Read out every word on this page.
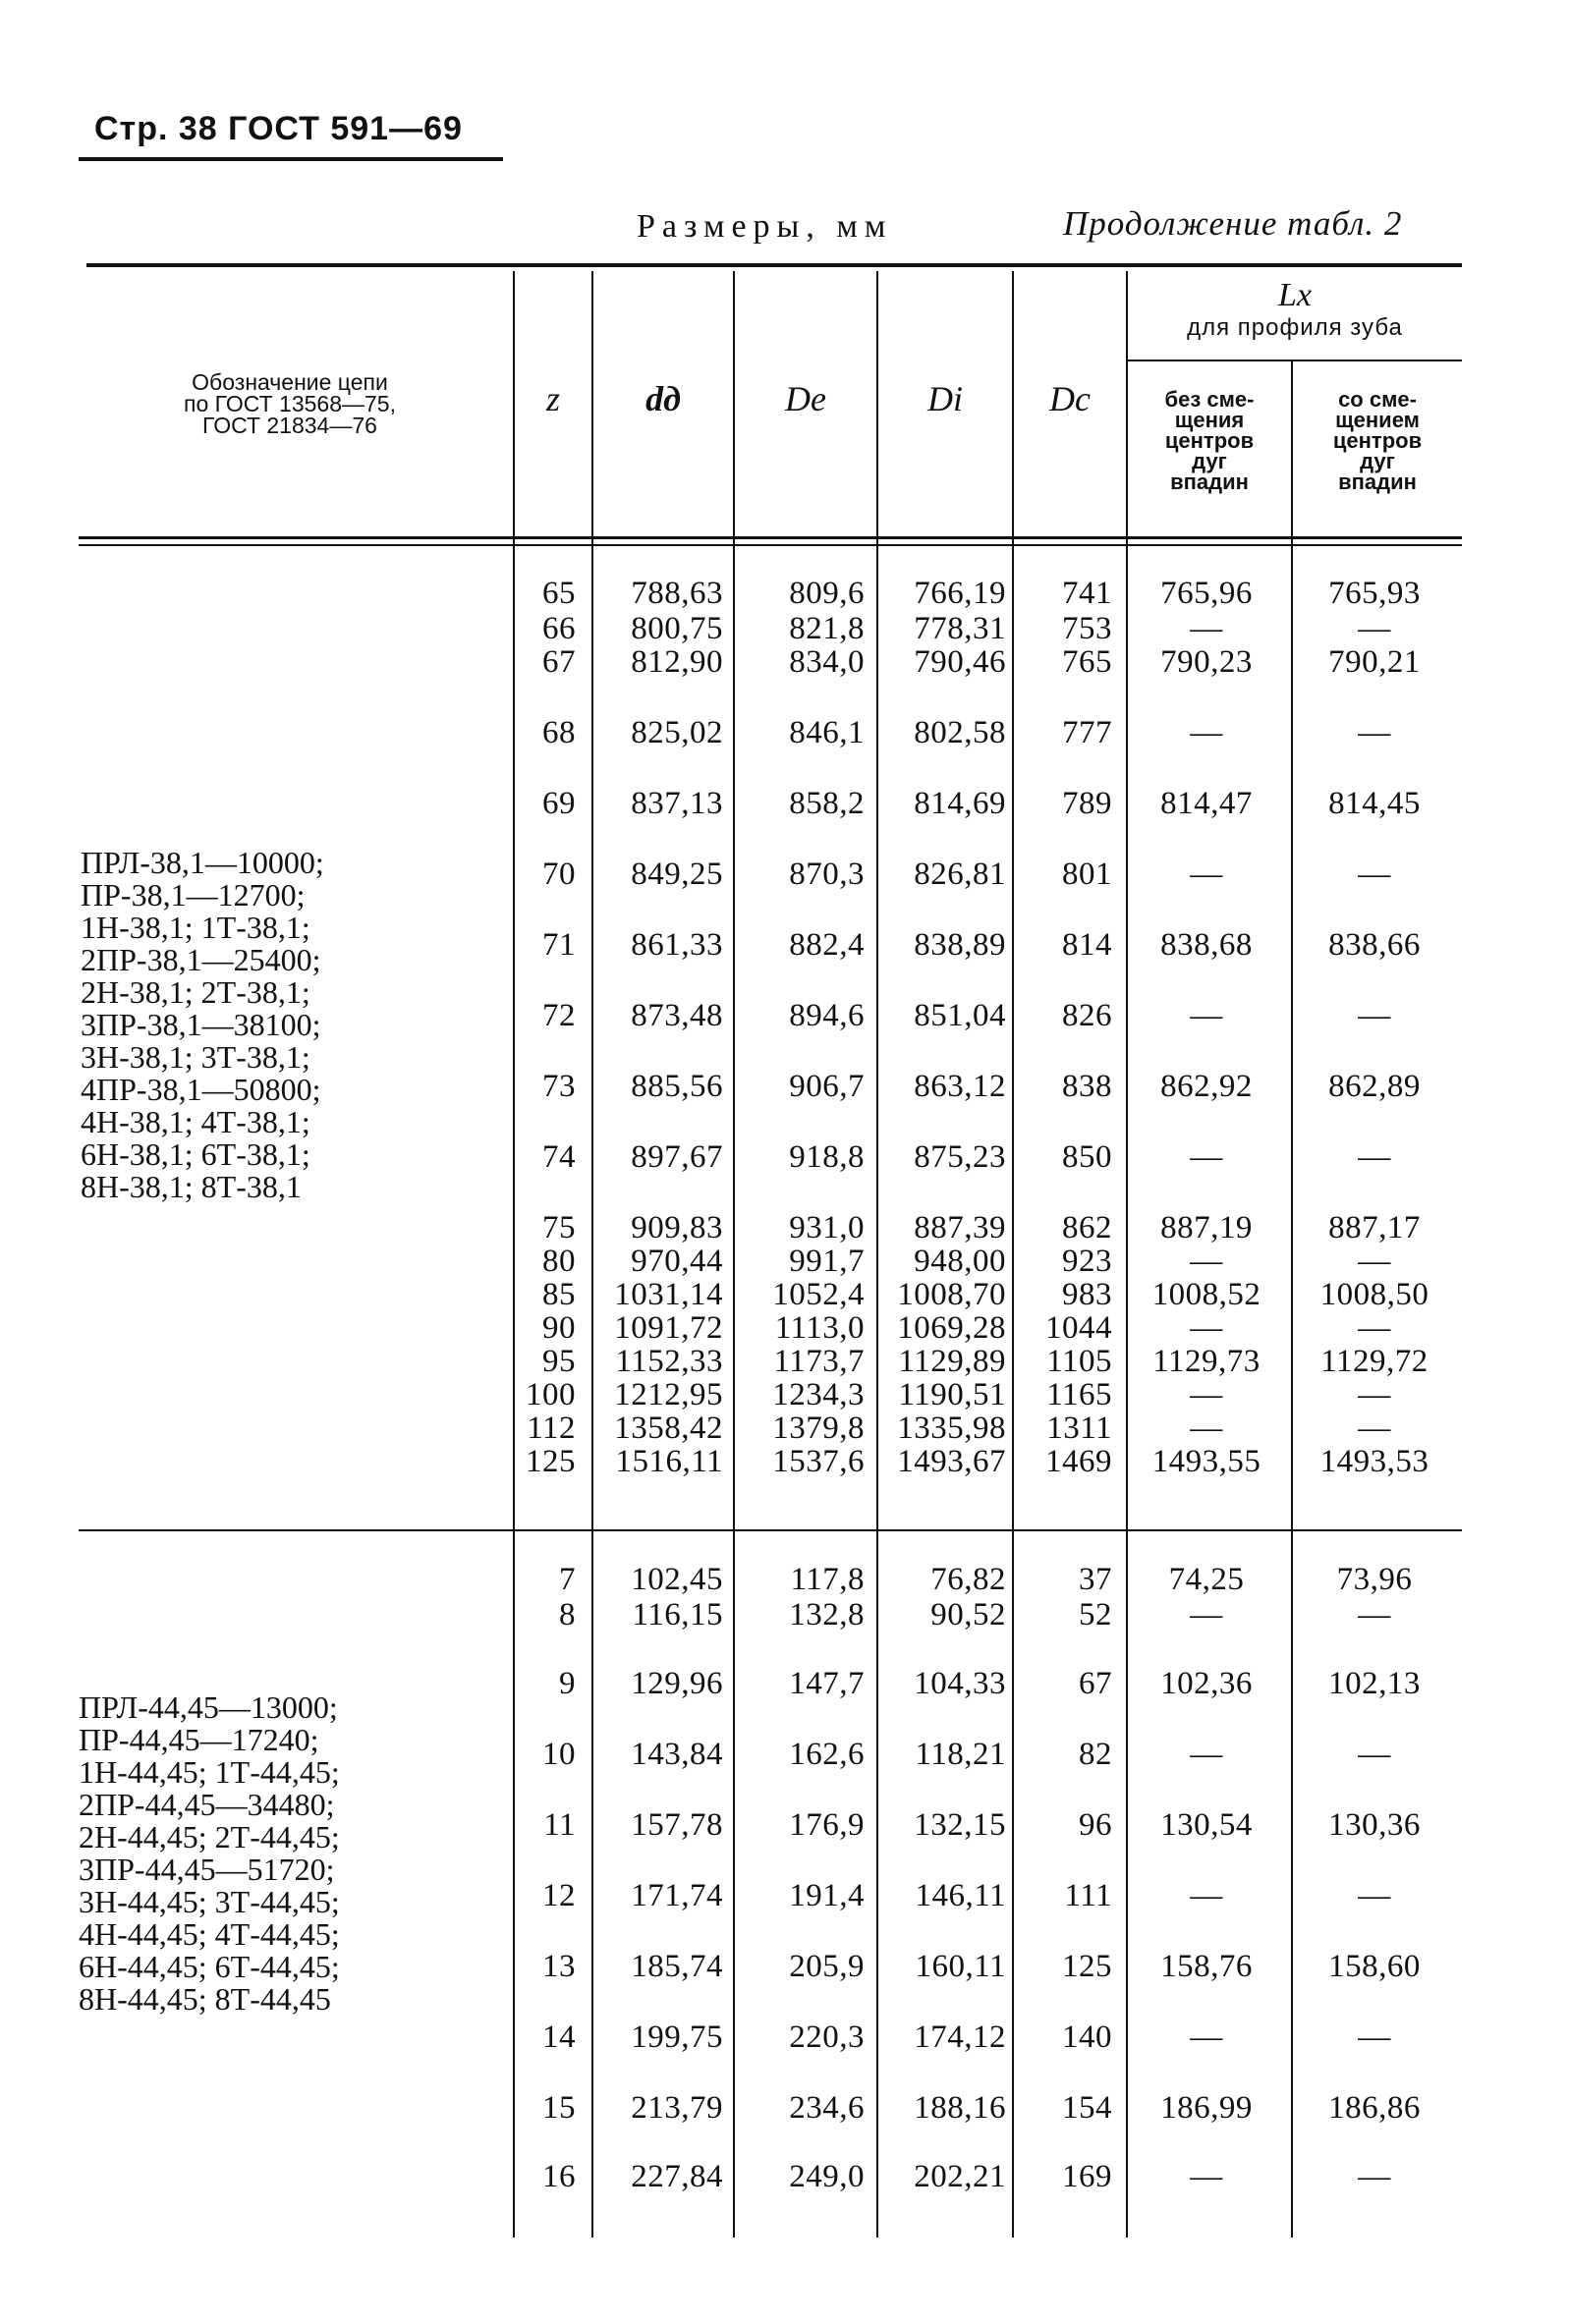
Стр. 38 ГОСТ 591—69
Размеры, мм	Продолжение табл. 2
Обозначение цепи
по ГОСТ 13568—75,
ГОСТ 21834—76
z	dд	De	Di	Dc
Lx
для профиля зуба
без сме-
щения
центров
дуг
впадин
со сме-
щением
центров
дуг
впадин
ПРЛ-38,1—10000;
ПР-38,1—12700;
1Н-38,1; 1Т-38,1;
2ПР-38,1—25400;
2Н-38,1; 2Т-38,1;
3ПР-38,1—38100;
3Н-38,1; 3Т-38,1;
4ПР-38,1—50800;
4Н-38,1; 4Т-38,1;
6Н-38,1; 6Т-38,1;
8Н-38,1; 8Т-38,1
ПРЛ-44,45—13000;
ПР-44,45—17240;
1Н-44,45; 1Т-44,45;
2ПР-44,45—34480;
2Н-44,45; 2Т-44,45;
3ПР-44,45—51720;
3Н-44,45; 3Т-44,45;
4Н-44,45; 4Т-44,45;
6Н-44,45; 6Т-44,45;
8Н-44,45; 8Т-44,45
65	788,63	809,6	766,19	741	765,96	765,93
66	800,75	821,8	778,31	753	—	—
67	812,90	834,0	790,46	765	790,23	790,21
68	825,02	846,1	802,58	777	—	—
69	837,13	858,2	814,69	789	814,47	814,45
70	849,25	870,3	826,81	801	—	—
71	861,33	882,4	838,89	814	838,68	838,66
72	873,48	894,6	851,04	826	—	—
73	885,56	906,7	863,12	838	862,92	862,89
74	897,67	918,8	875,23	850	—	—
75	909,83	931,0	887,39	862	887,19	887,17
80	970,44	991,7	948,00	923	—	—
85	1031,14	1052,4	1008,70	983	1008,52	1008,50
90	1091,72	1113,0	1069,28	1044	—	—
95	1152,33	1173,7	1129,89	1105	1129,73	1129,72
100	1212,95	1234,3	1190,51	1165	—	—
112	1358,42	1379,8	1335,98	1311	—	—
125	1516,11	1537,6	1493,67	1469	1493,55	1493,53
7	102,45	117,8	76,82	37	74,25	73,96
8	116,15	132,8	90,52	52	—	—
9	129,96	147,7	104,33	67	102,36	102,13
10	143,84	162,6	118,21	82	—	—
11	157,78	176,9	132,15	96	130,54	130,36
12	171,74	191,4	146,11	111	—	—
13	185,74	205,9	160,11	125	158,76	158,60
14	199,75	220,3	174,12	140	—	—
15	213,79	234,6	188,16	154	186,99	186,86
16	227,84	249,0	202,21	169	—	—
